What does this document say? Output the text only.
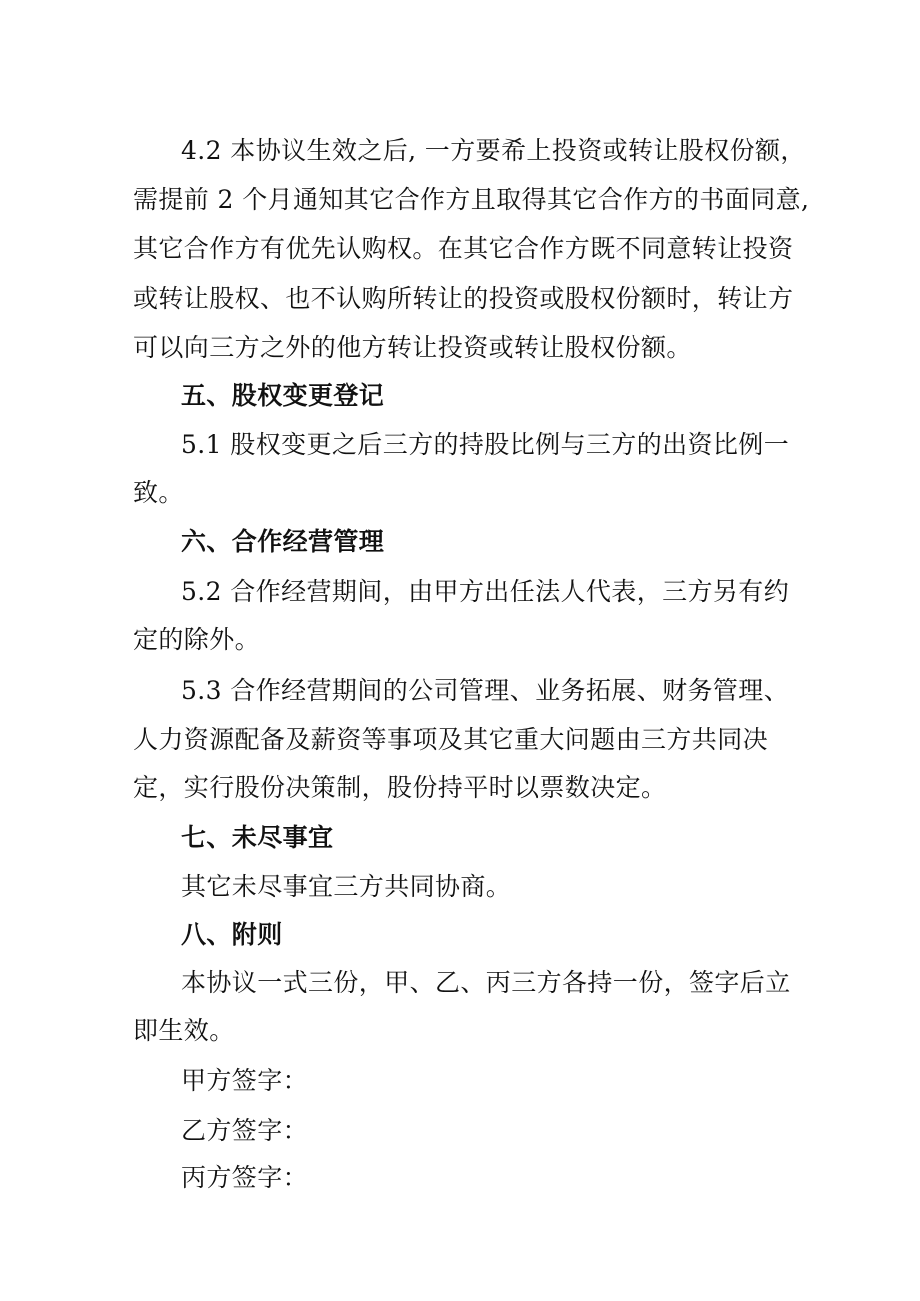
4.2 本协议生效之后, 一方要希上投资或转让股权份额，
需提前 2 个月通知其它合作方且取得其它合作方的书面同意,
其它合作方有优先认购权。在其它合作方既不同意转让投资
或转让股权、也不认购所转让的投资或股权份额时，转让方
可以向三方之外的他方转让投资或转让股权份额。
五、股权变更登记
5.1 股权变更之后三方的持股比例与三方的出资比例一
致。
六、合作经营管理
5.2 合作经营期间，由甲方出任法人代表，三方另有约
定的除外。
5.3 合作经营期间的公司管理、业务拓展、财务管理、
人力资源配备及薪资等事项及其它重大问题由三方共同决
定，实行股份决策制，股份持平时以票数决定。
七、未尽事宜
其它未尽事宜三方共同协商。
八、附则
本协议一式三份，甲、乙、丙三方各持一份，签字后立
即生效。
甲方签字：
乙方签字：
丙方签字：
